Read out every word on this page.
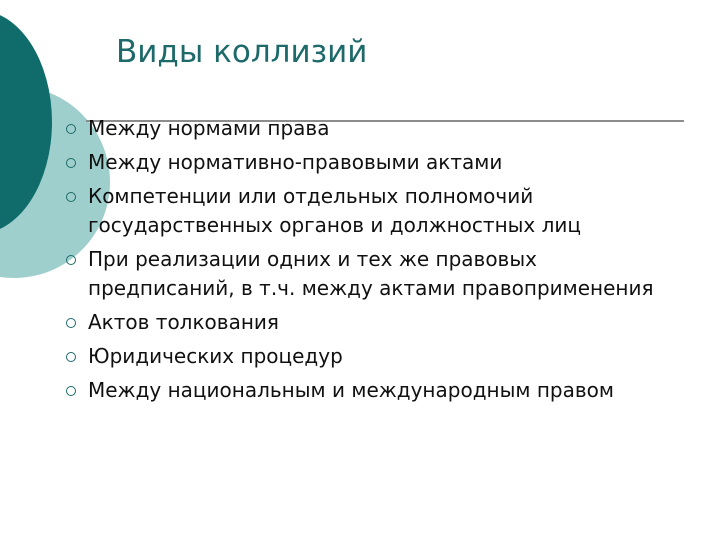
Виды коллизий
Между нормами права
Между нормативно-правовыми актами
Компетенции или отдельных полномочий государственных органов и должностных лиц
При реализации одних и тех же правовых предписаний, в т.ч. между актами правоприменения
Актов толкования
Юридических процедур
Между национальным и международным правом
